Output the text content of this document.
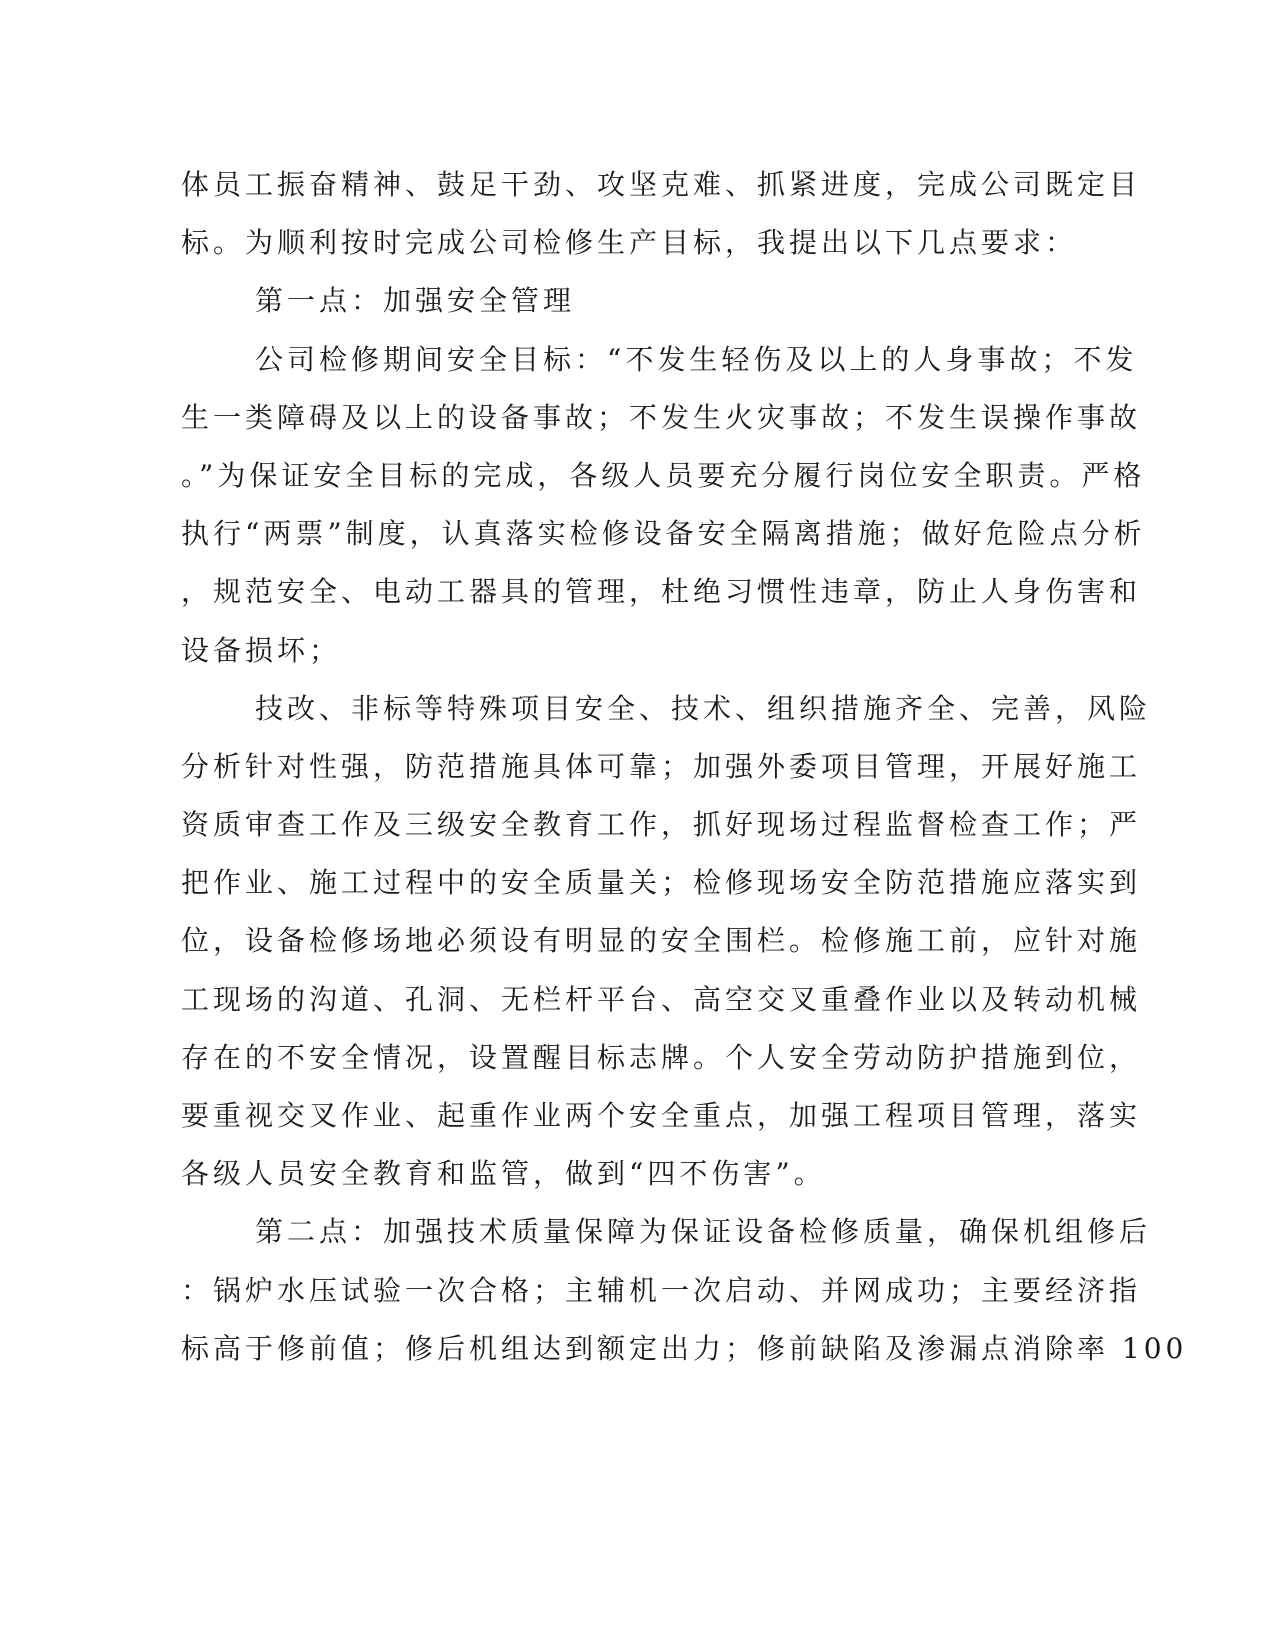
体员工振奋精神、鼓足干劲、攻坚克难、抓紧进度，完成公司既定目
标。为顺利按时完成公司检修生产目标，我提出以下几点要求：
第一点：加强安全管理
公司检修期间安全目标：“不发生轻伤及以上的人身事故；不发
生一类障碍及以上的设备事故；不发生火灾事故；不发生误操作事故
。”为保证安全目标的完成，各级人员要充分履行岗位安全职责。严格
执行“两票”制度，认真落实检修设备安全隔离措施；做好危险点分析
，规范安全、电动工器具的管理，杜绝习惯性违章，防止人身伤害和
设备损坏；
技改、非标等特殊项目安全、技术、组织措施齐全、完善，风险
分析针对性强，防范措施具体可靠；加强外委项目管理，开展好施工
资质审查工作及三级安全教育工作，抓好现场过程监督检查工作；严
把作业、施工过程中的安全质量关；检修现场安全防范措施应落实到
位，设备检修场地必须设有明显的安全围栏。检修施工前，应针对施
工现场的沟道、孔洞、无栏杆平台、高空交叉重叠作业以及转动机械
存在的不安全情况，设置醒目标志牌。个人安全劳动防护措施到位，
要重视交叉作业、起重作业两个安全重点，加强工程项目管理，落实
各级人员安全教育和监管，做到“四不伤害”。
第二点：加强技术质量保障为保证设备检修质量，确保机组修后
：锅炉水压试验一次合格；主辅机一次启动、并网成功；主要经济指
标高于修前值；修后机组达到额定出力；修前缺陷及渗漏点消除率 100
